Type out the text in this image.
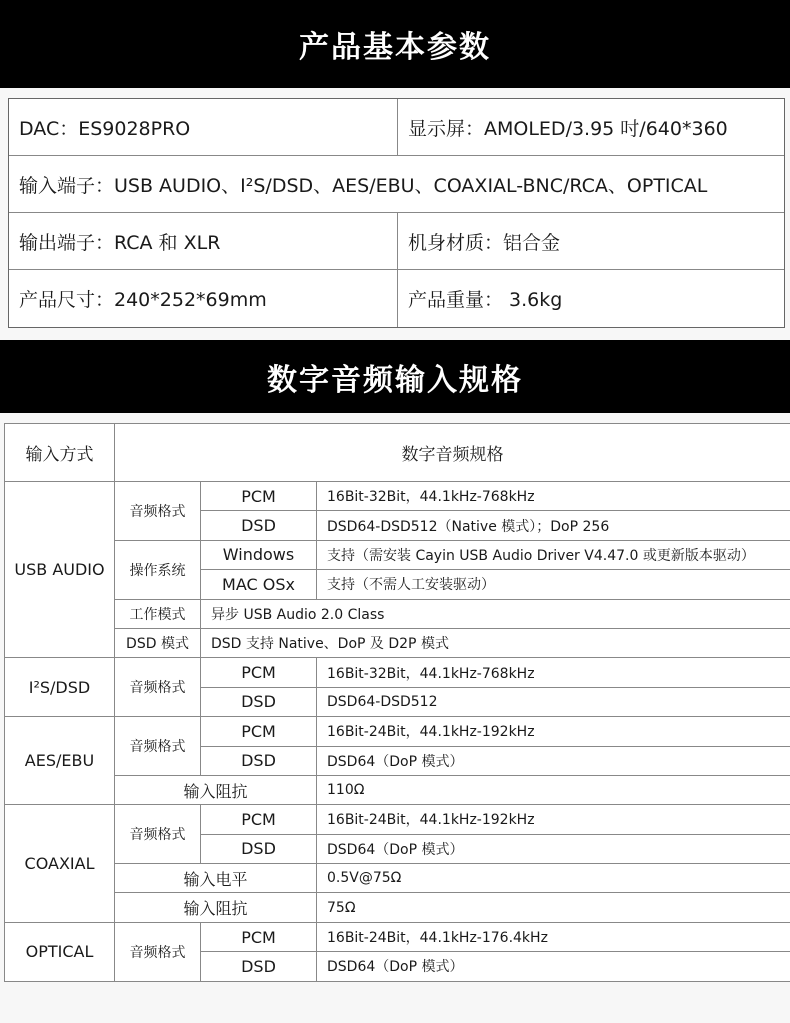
产品基本参数
DAC：ES9028PRO	显示屏：AMOLED/3.95 吋/640*360
输入端子：USB AUDIO、I²S/DSD、AES/EBU、COAXIAL-BNC/RCA、OPTICAL
输出端子：RCA 和 XLR	机身材质：铝合金
产品尺寸：240*252*69mm	产品重量： 3.6kg
数字音频输入规格
输入方式	数字音频规格		
USB AUDIO	音频格式	PCM	16Bit-32Bit，44.1kHz-768kHz
		DSD	DSD64-DSD512（Native 模式）；DoP 256
	操作系统	Windows	支持（需安装 Cayin USB Audio Driver V4.47.0 或更新版本驱动）
		MAC OSx	支持（不需人工安装驱动）
	工作模式	异步 USB Audio 2.0 Class	
	DSD 模式	DSD 支持 Native、DoP 及 D2P 模式	
I²S/DSD	音频格式	PCM	16Bit-32Bit，44.1kHz-768kHz
		DSD	DSD64-DSD512
AES/EBU	音频格式	PCM	16Bit-24Bit，44.1kHz-192kHz
		DSD	DSD64（DoP 模式）
	输入阻抗		110Ω
COAXIAL	音频格式	PCM	16Bit-24Bit，44.1kHz-192kHz
		DSD	DSD64（DoP 模式）
	输入电平		0.5V@75Ω
	输入阻抗		75Ω
OPTICAL	音频格式	PCM	16Bit-24Bit，44.1kHz-176.4kHz
		DSD	DSD64（DoP 模式）
